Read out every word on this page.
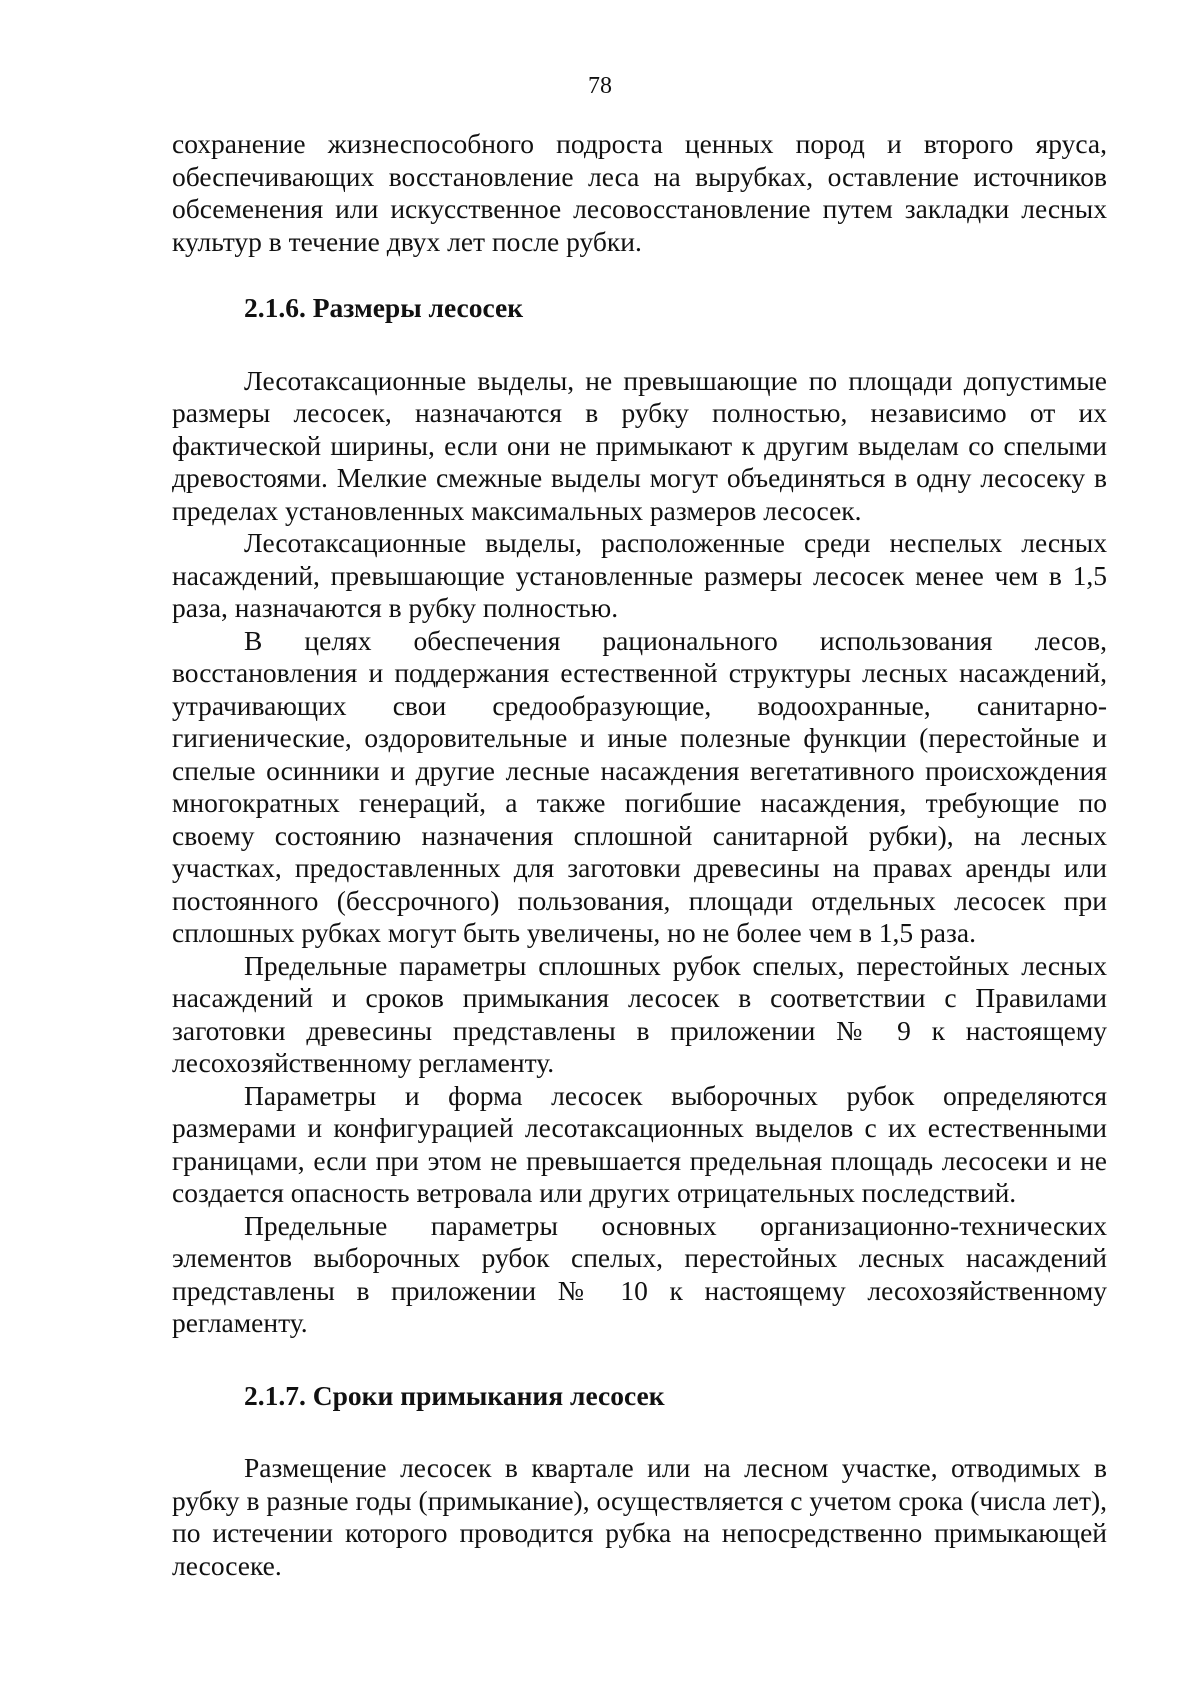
78

сохранение жизнеспособного подроста ценных пород и второго яруса, обеспечивающих восстановление леса на вырубках, оставление источников обсеменения или искусственное лесовосстановление путем закладки лесных культур в течение двух лет после рубки.

2.1.6. Размеры лесосек

Лесотаксационные выделы, не превышающие по площади допустимые размеры лесосек, назначаются в рубку полностью, независимо от их фактической ширины, если они не примыкают к другим выделам со спелыми древостоями. Мелкие смежные выделы могут объединяться в одну лесосеку в пределах установленных максимальных размеров лесосек.

Лесотаксационные выделы, расположенные среди неспелых лесных насаждений, превышающие установленные размеры лесосек менее чем в 1,5 раза, назначаются в рубку полностью.

В целях обеспечения рационального использования лесов, восстановления и поддержания естественной структуры лесных насаждений, утрачивающих свои средообразующие, водоохранные, санитарно-гигиенические, оздоровительные и иные полезные функции (перестойные и спелые осинники и другие лесные насаждения вегетативного происхождения многократных генераций, а также погибшие насаждения, требующие по своему состоянию назначения сплошной санитарной рубки), на лесных участках, предоставленных для заготовки древесины на правах аренды или постоянного (бессрочного) пользования, площади отдельных лесосек при сплошных рубках могут быть увеличены, но не более чем в 1,5 раза.

Предельные параметры сплошных рубок спелых, перестойных лесных насаждений и сроков примыкания лесосек в соответствии с Правилами заготовки древесины представлены в приложении № 9 к настоящему лесохозяйственному регламенту.

Параметры и форма лесосек выборочных рубок определяются размерами и конфигурацией лесотаксационных выделов с их естественными границами, если при этом не превышается предельная площадь лесосеки и не создается опасность ветровала или других отрицательных последствий.

Предельные параметры основных организационно-технических элементов выборочных рубок спелых, перестойных лесных насаждений представлены в приложении № 10 к настоящему лесохозяйственному регламенту.

2.1.7. Сроки примыкания лесосек

Размещение лесосек в квартале или на лесном участке, отводимых в рубку в разные годы (примыкание), осуществляется с учетом срока (числа лет), по истечении которого проводится рубка на непосредственно примыкающей лесосеке.
